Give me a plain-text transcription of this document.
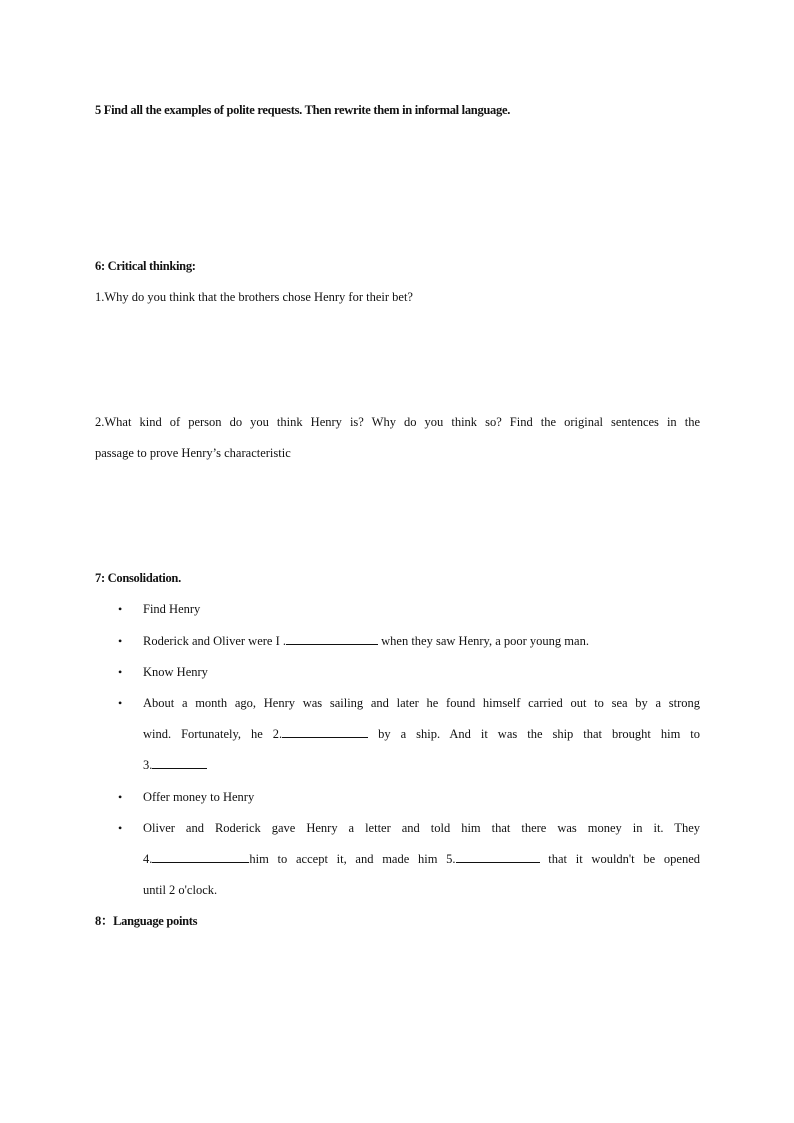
5 Find all the examples of polite requests. Then rewrite them in informal language.
6: Critical thinking:
1.Why do you think that the brothers chose Henry for their bet?
2.What kind of person do you think Henry is? Why do you think so? Find the original sentences in the
passage to prove Henry’s characteristic
7: Consolidation.
•	Find Henry
•	Roderick and Oliver were I .	when they saw Henry, a poor young man.
•	Know Henry
•	About a month ago, Henry was sailing and later he found himself carried out to sea by a strong
wind. Fortunately, he 2.	by a ship. And it was the ship that brought him to
3.
•	Offer money to Henry
•	Oliver and Roderick gave Henry a letter and told him that there was money in it. They
4.	him to accept it, and made him 5.	that it wouldn't be opened
until 2 o'clock.
8：Language points
